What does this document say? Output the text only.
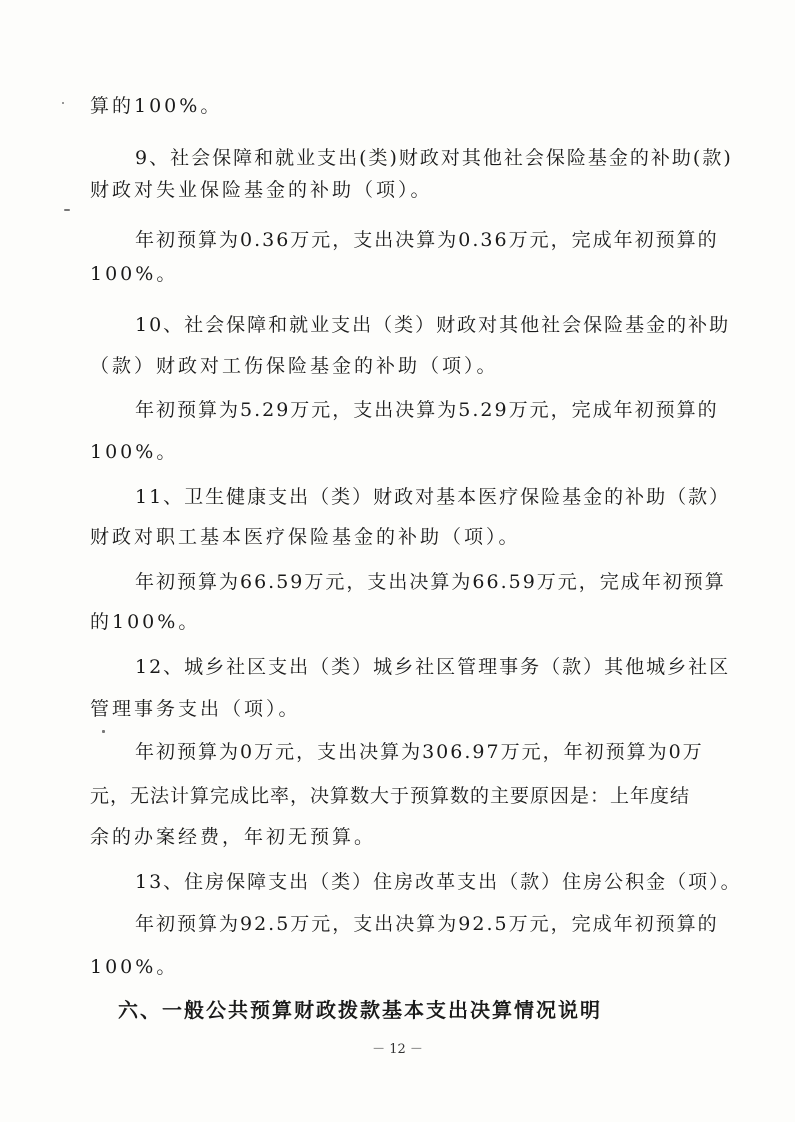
算的100%。
9、社会保障和就业支出(类)财政对其他社会保险基金的补助(款)
财政对失业保险基金的补助（项）。
年初预算为0.36万元，支出决算为0.36万元，完成年初预算的
100%。
10、社会保障和就业支出（类）财政对其他社会保险基金的补助
（款）财政对工伤保险基金的补助（项）。
年初预算为5.29万元，支出决算为5.29万元，完成年初预算的
100%。
11、卫生健康支出（类）财政对基本医疗保险基金的补助（款）
财政对职工基本医疗保险基金的补助（项）。
年初预算为66.59万元，支出决算为66.59万元，完成年初预算
的100%。
12、城乡社区支出（类）城乡社区管理事务（款）其他城乡社区
管理事务支出（项）。
年初预算为0万元，支出决算为306.97万元，年初预算为0万
元，无法计算完成比率，决算数大于预算数的主要原因是：上年度结
余的办案经费，年初无预算。
13、住房保障支出（类）住房改革支出（款）住房公积金（项）。
年初预算为92.5万元，支出决算为92.5万元，完成年初预算的
100%。
六、一般公共预算财政拨款基本支出决算情况说明
－ 12 －
